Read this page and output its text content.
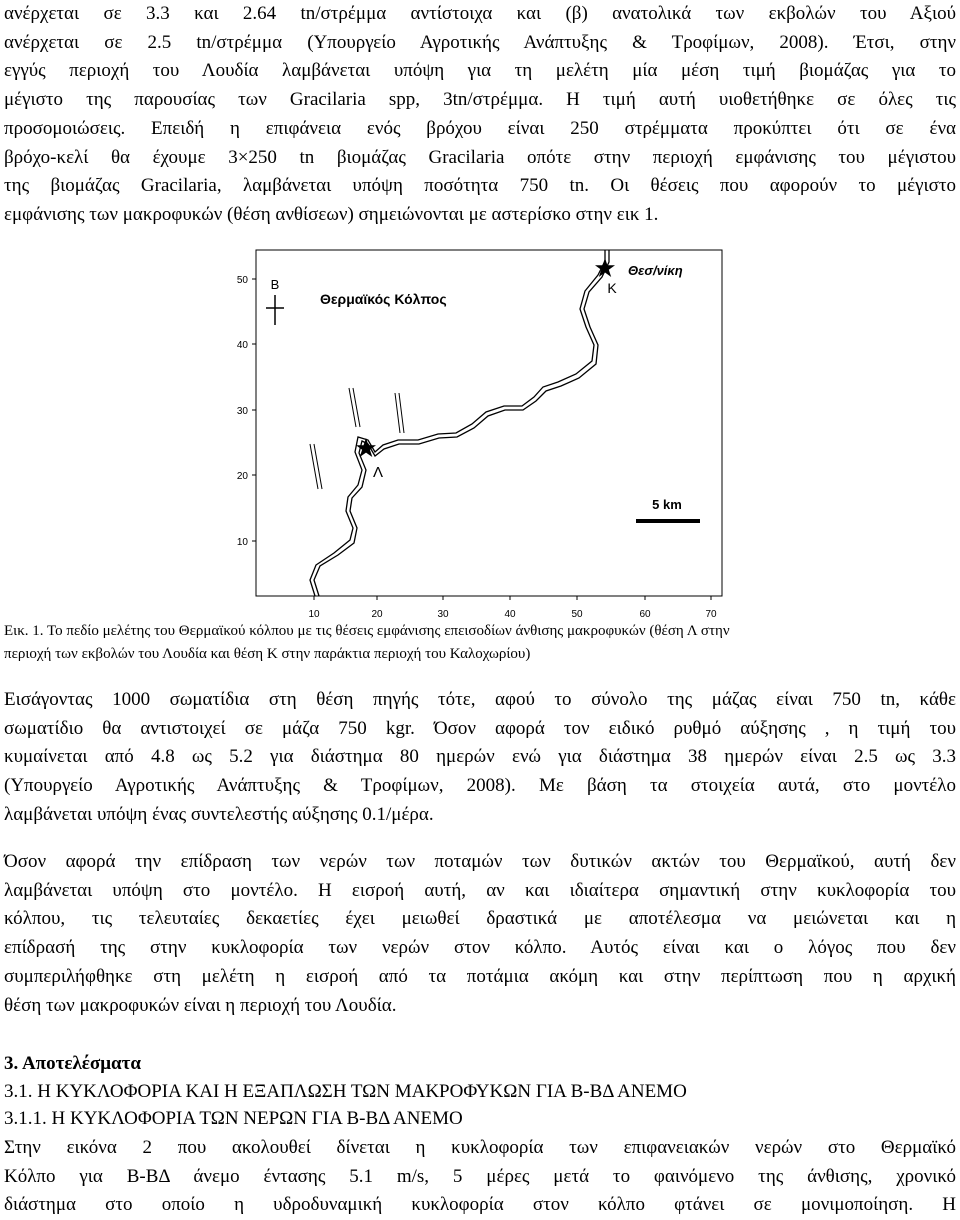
ανέρχεται σε 3.3 και 2.64 tn/στρέμμα αντίστοιχα και (β) ανατολικά των εκβολών του Αξιού
ανέρχεται σε 2.5 tn/στρέμμα (Υπουργείο Αγροτικής Ανάπτυξης & Τροφίμων, 2008). Έτσι, στην
εγγύς περιοχή του Λουδία λαμβάνεται υπόψη για τη μελέτη μία μέση τιμή βιομάζας για το
μέγιστο της παρουσίας των Gracilaria spp, 3tn/στρέμμα. Η τιμή αυτή υιοθετήθηκε σε όλες τις
προσομοιώσεις. Επειδή η επιφάνεια ενός βρόχου είναι 250 στρέμματα προκύπτει ότι σε ένα
βρόχο-κελί θα έχουμε 3×250 tn βιομάζας Gracilaria οπότε στην περιοχή εμφάνισης του μέγιστου
της βιομάζας Gracilaria, λαμβάνεται υπόψη ποσότητα 750 tn. Οι θέσεις που αφορούν το μέγιστο
εμφάνισης των μακροφυκών (θέση ανθίσεων) σημειώνονται με αστερίσκο στην εικ 1.

50
40
30
20
10
10	20	30	40	50	60	70
Β
Θερμαϊκός Κόλπος
Κ
Θεσ/νίκη
Λ
5 km
Εικ. 1. Το πεδίο μελέτης του Θερμαϊκού κόλπου με τις θέσεις εμφάνισης επεισοδίων άνθισης μακροφυκών (θέση Λ στην
περιοχή των εκβολών του Λουδία και θέση Κ στην παράκτια περιοχή του Καλοχωρίου)

Εισάγοντας 1000 σωματίδια στη θέση πηγής τότε, αφού το σύνολο της μάζας είναι 750 tn, κάθε
σωματίδιο θα αντιστοιχεί σε μάζα 750 kgr. Όσον αφορά τον ειδικό ρυθμό αύξησης , η τιμή του
κυμαίνεται από 4.8 ως 5.2 για διάστημα 80 ημερών ενώ για διάστημα 38 ημερών είναι 2.5 ως 3.3
(Υπουργείο Αγροτικής Ανάπτυξης & Τροφίμων, 2008). Με βάση τα στοιχεία αυτά, στο μοντέλο
λαμβάνεται υπόψη ένας συντελεστής αύξησης 0.1/μέρα.

Όσον αφορά την επίδραση των νερών των ποταμών των δυτικών ακτών του Θερμαϊκού, αυτή δεν
λαμβάνεται υπόψη στο μοντέλο. Η εισροή αυτή, αν και ιδιαίτερα σημαντική στην κυκλοφορία του
κόλπου, τις τελευταίες δεκαετίες έχει μειωθεί δραστικά με αποτέλεσμα να μειώνεται και η
επίδρασή της στην κυκλοφορία των νερών στον κόλπο. Αυτός είναι και ο λόγος που δεν
συμπεριλήφθηκε στη μελέτη η εισροή από τα ποτάμια ακόμη και στην περίπτωση που η αρχική
θέση των μακροφυκών είναι η περιοχή του Λουδία.

3. Αποτελέσματα
3.1. Η ΚΥΚΛΟΦΟΡΙΑ ΚΑΙ Η ΕΞΑΠΛΩΣΗ ΤΩΝ ΜΑΚΡΟΦΥΚΩΝ ΓΙΑ Β-ΒΔ ΑΝΕΜΟ
3.1.1. Η ΚΥΚΛΟΦΟΡΙΑ ΤΩΝ ΝΕΡΩΝ ΓΙΑ Β-ΒΔ ΑΝΕΜΟ

Στην εικόνα 2 που ακολουθεί δίνεται η κυκλοφορία των επιφανειακών νερών στο Θερμαϊκό
Κόλπο για Β-ΒΔ άνεμο έντασης 5.1 m/s, 5 μέρες μετά το φαινόμενο της άνθισης, χρονικό
διάστημα στο οποίο η υδροδυναμική κυκλοφορία στον κόλπο φτάνει σε μονιμοποίηση. Η
